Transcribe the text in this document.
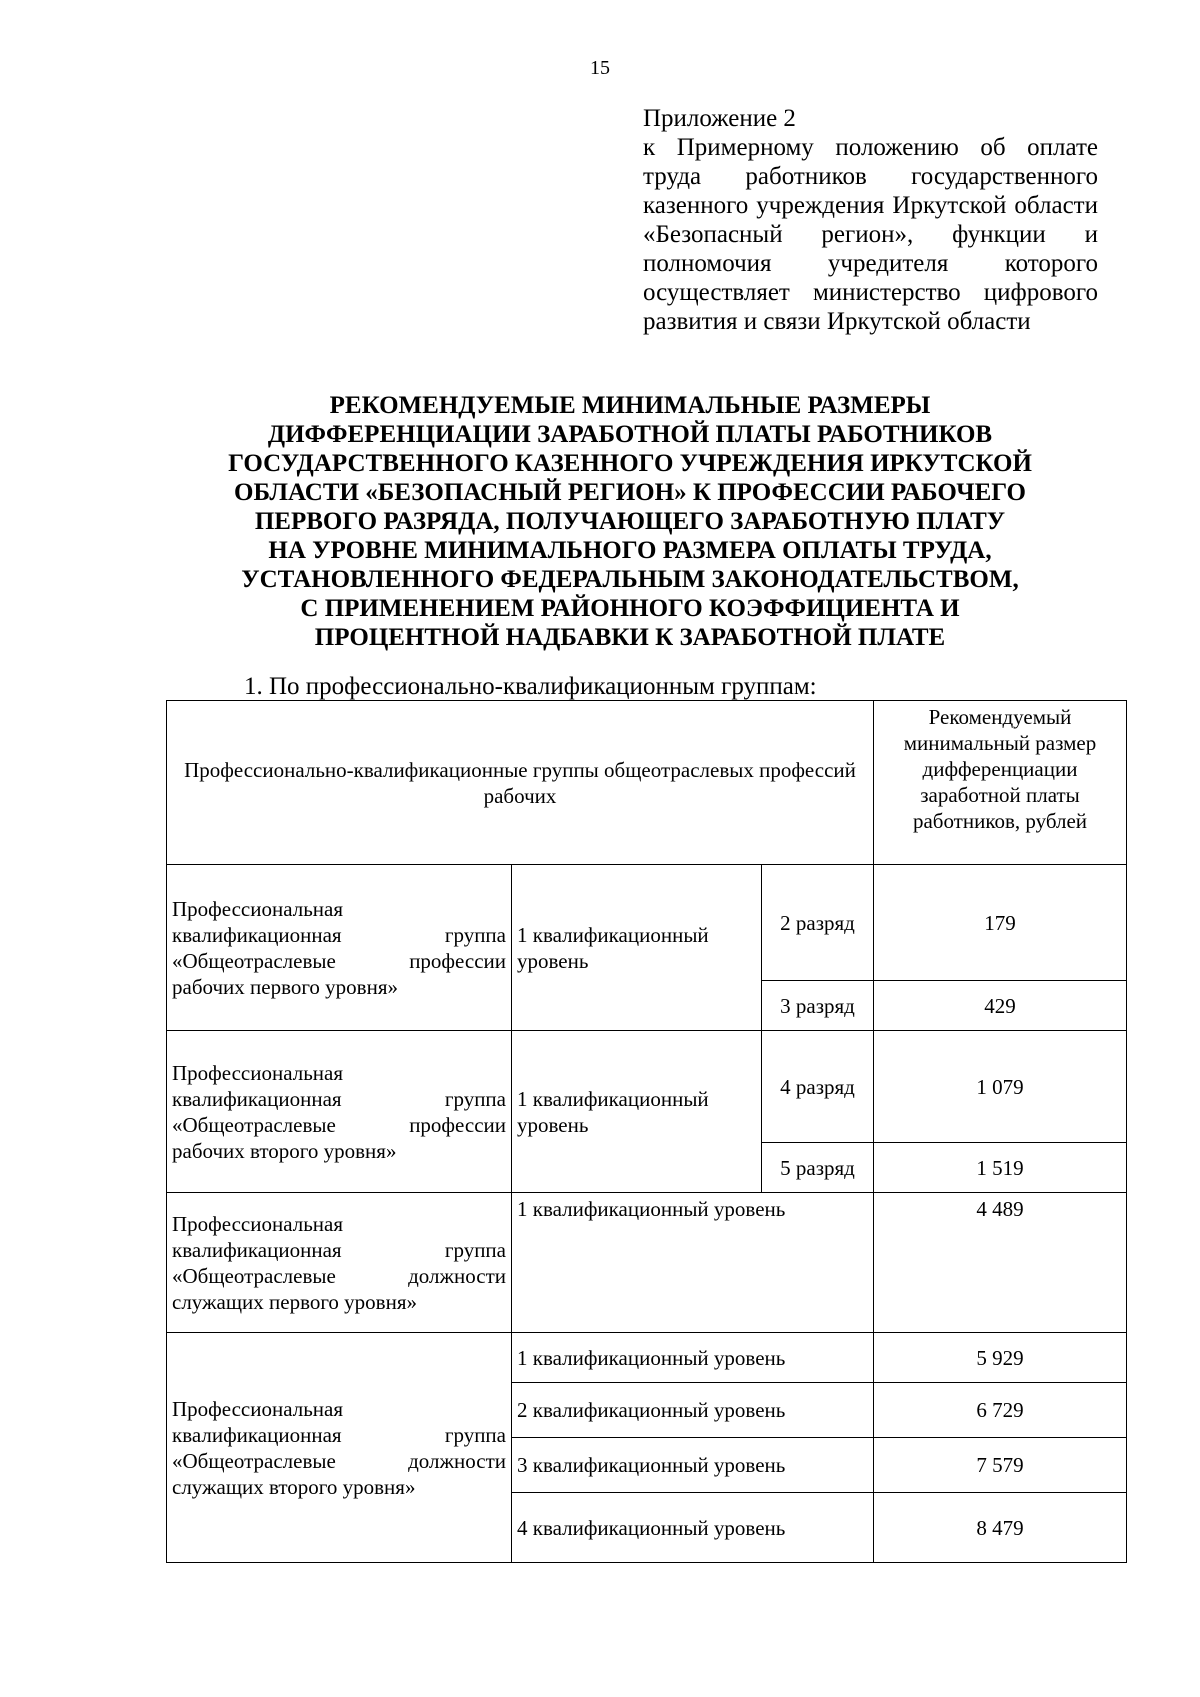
15
Приложение 2
к Примерному положению об оплате труда работников государственного казенного учреждения Иркутской области «Безопасный регион», функции и полномочия учредителя которого осуществляет министерство цифрового развития и связи Иркутской области
РЕКОМЕНДУЕМЫЕ МИНИМАЛЬНЫЕ РАЗМЕРЫ
ДИФФЕРЕНЦИАЦИИ ЗАРАБОТНОЙ ПЛАТЫ РАБОТНИКОВ
ГОСУДАРСТВЕННОГО КАЗЕННОГО УЧРЕЖДЕНИЯ ИРКУТСКОЙ
ОБЛАСТИ «БЕЗОПАСНЫЙ РЕГИОН» К ПРОФЕССИИ РАБОЧЕГО
ПЕРВОГО РАЗРЯДА, ПОЛУЧАЮЩЕГО ЗАРАБОТНУЮ ПЛАТУ
НА УРОВНЕ МИНИМАЛЬНОГО РАЗМЕРА ОПЛАТЫ ТРУДА,
УСТАНОВЛЕННОГО ФЕДЕРАЛЬНЫМ ЗАКОНОДАТЕЛЬСТВОМ,
С ПРИМЕНЕНИЕМ РАЙОННОГО КОЭФФИЦИЕНТА И
ПРОЦЕНТНОЙ НАДБАВКИ К ЗАРАБОТНОЙ ПЛАТЕ
1. По профессионально-квалификационным группам:
Профессионально-квалификационные группы общеотраслевых профессий рабочих			Рекомендуемый минимальный размер дифференциации заработной платы работников, рублей
Профессиональная квалификационная группа «Общеотраслевые профессии рабочих первого уровня»	1 квалификационный уровень	2 разряд	179
		3 разряд	429
Профессиональная квалификационная группа «Общеотраслевые профессии рабочих второго уровня»	1 квалификационный уровень	4 разряд	1 079
		5 разряд	1 519
Профессиональная квалификационная группа «Общеотраслевые должности служащих первого уровня»	1 квалификационный уровень		4 489
Профессиональная квалификационная группа «Общеотраслевые должности служащих второго уровня»	1 квалификационный уровень		5 929
	2 квалификационный уровень		6 729
	3 квалификационный уровень		7 579
	4 квалификационный уровень		8 479
